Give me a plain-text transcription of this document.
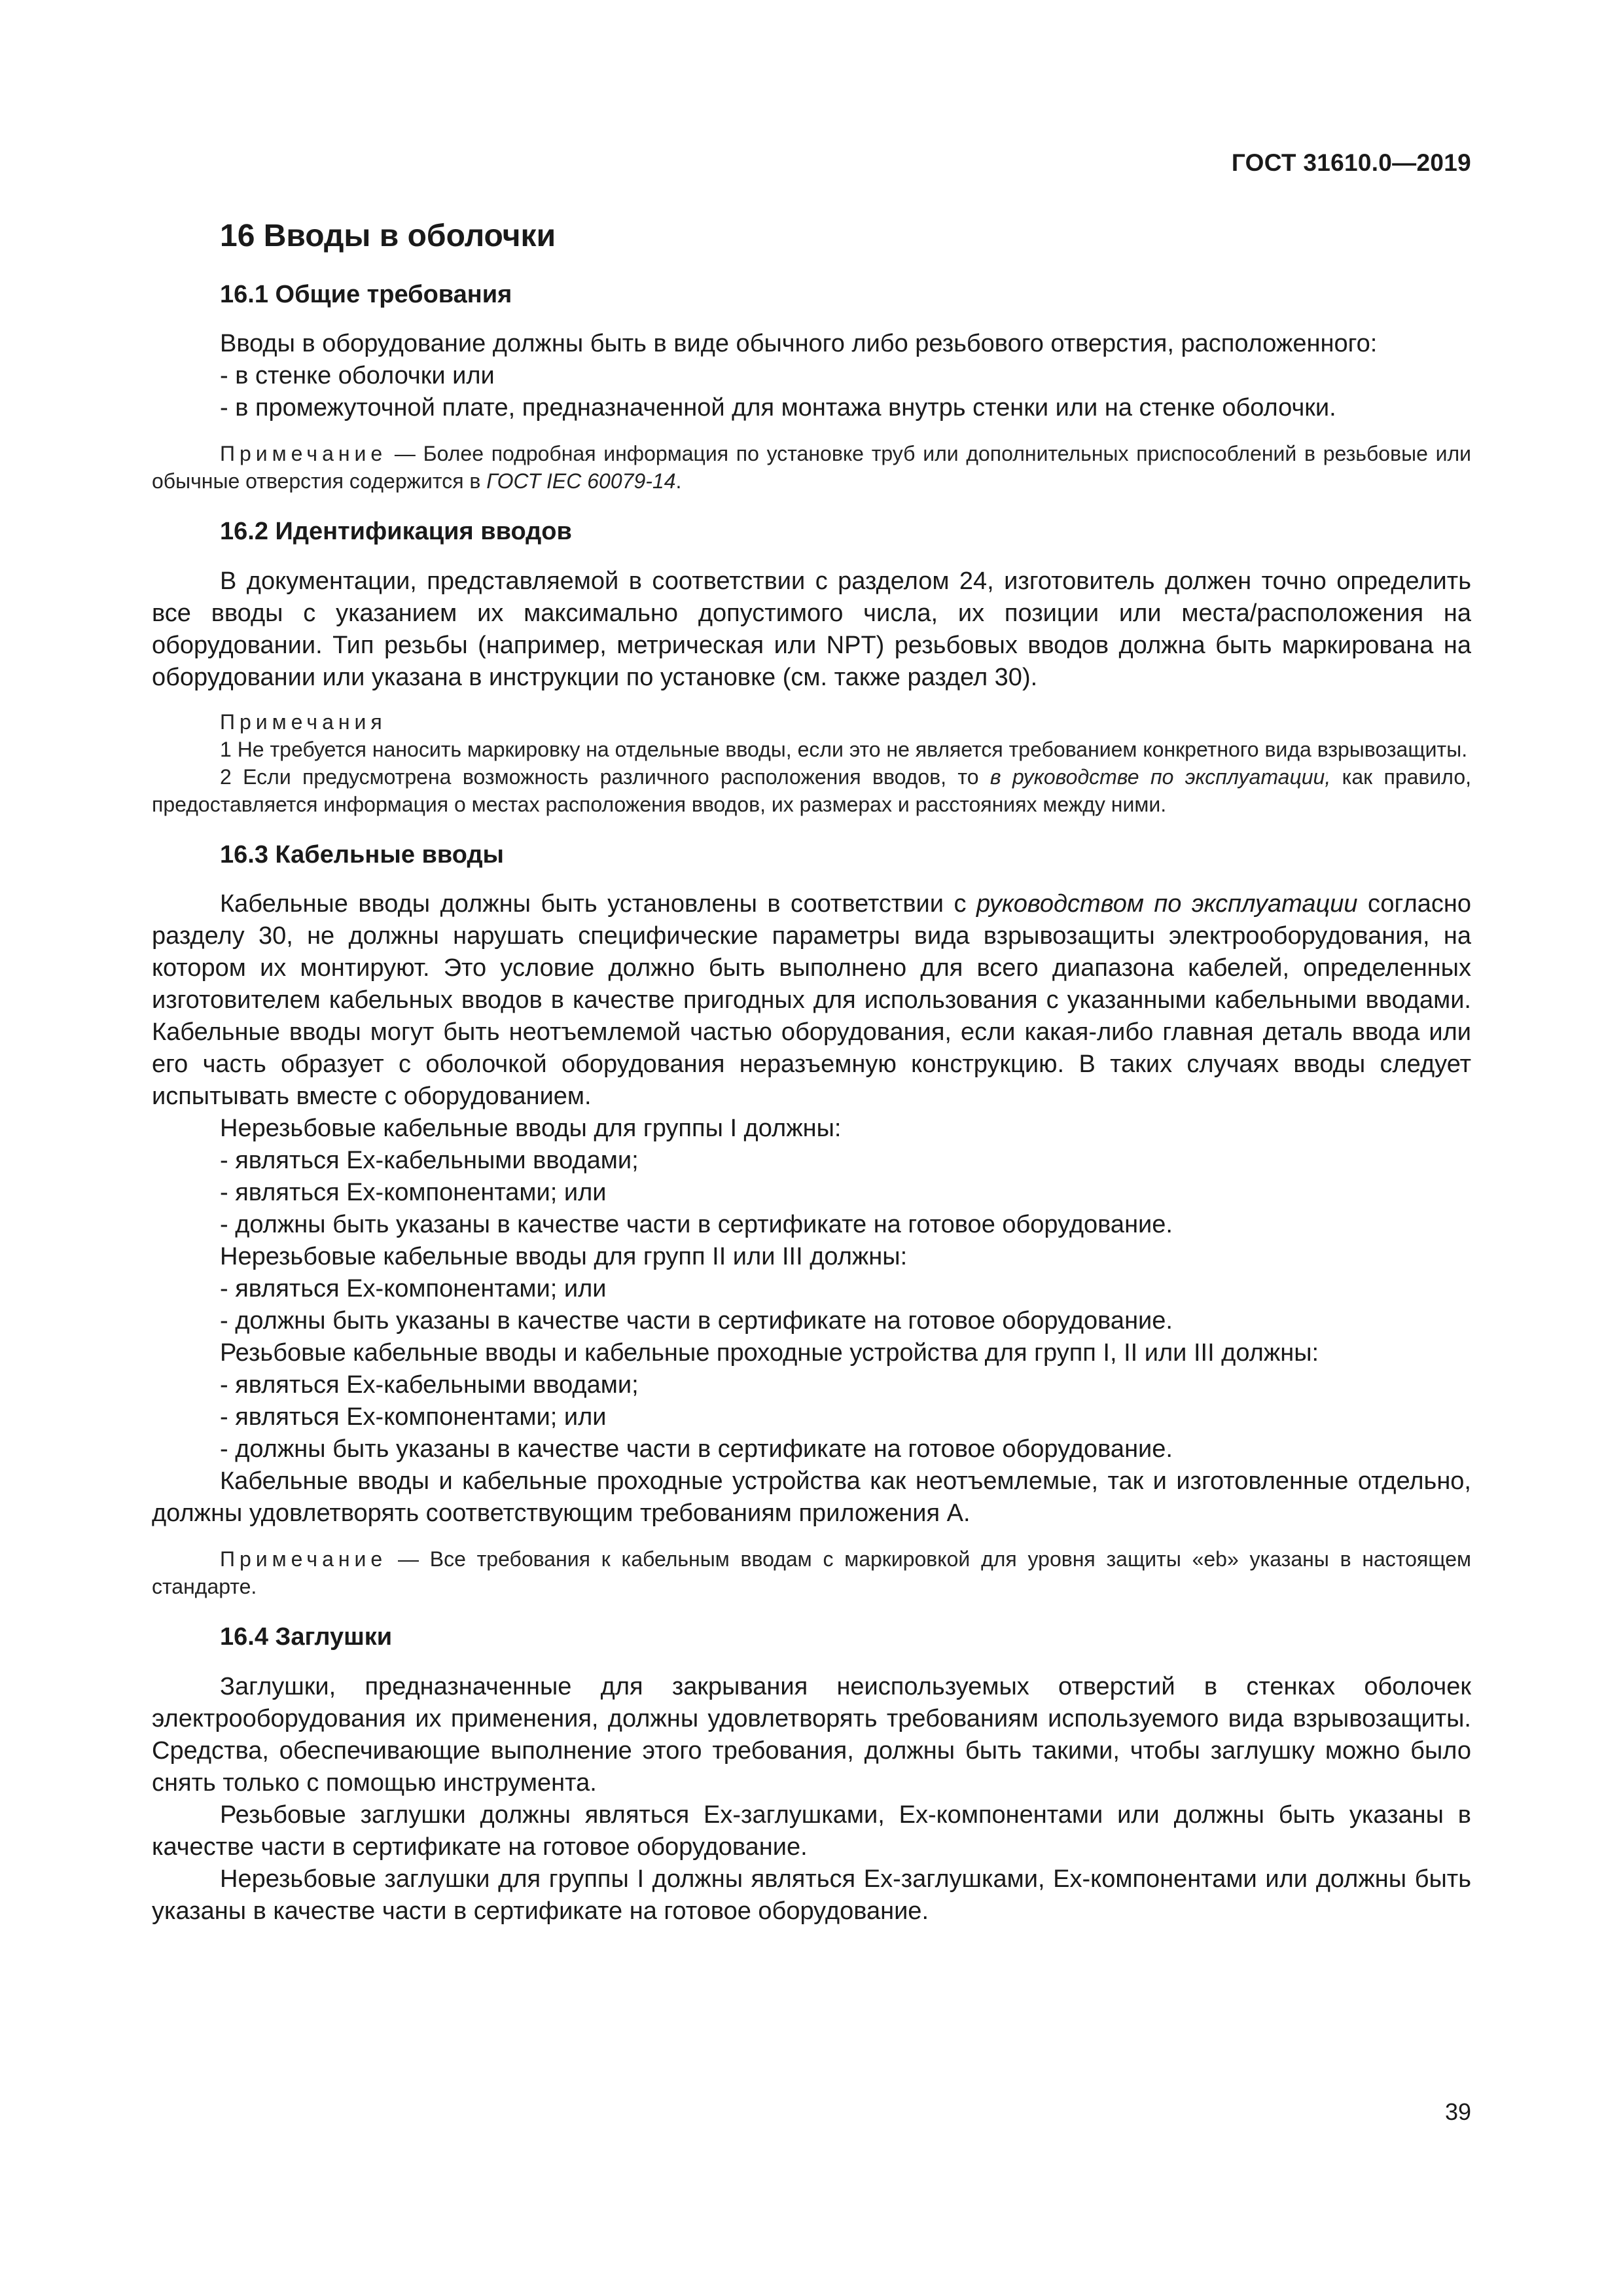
ГОСТ 31610.0—2019
16 Вводы в оболочки
16.1 Общие требования

Вводы в оборудование должны быть в виде обычного либо резьбового отверстия, расположенного:

- в стенке оболочки или

- в промежуточной плате, предназначенной для монтажа внутрь стенки или на стенке оболочки.

Примечание — Более подробная информация по установке труб или дополнительных приспособлений в резьбовые или обычные отверстия содержится в ГОСТ IEC 60079-14.

16.2 Идентификация вводов

В документации, представляемой в соответствии с разделом 24, изготовитель должен точно определить все вводы с указанием их максимально допустимого числа, их позиции или места/расположения на оборудовании. Тип резьбы (например, метрическая или NPT) резьбовых вводов должна быть маркирована на оборудовании или указана в инструкции по установке (см. также раздел 30).

Примечания

1 Не требуется наносить маркировку на отдельные вводы, если это не является требованием конкретного вида взрывозащиты.

2 Если предусмотрена возможность различного расположения вводов, то в руководстве по эксплуатации, как правило, предоставляется информация о местах расположения вводов, их размерах и расстояниях между ними.

16.3 Кабельные вводы

Кабельные вводы должны быть установлены в соответствии с руководством по эксплуатации согласно разделу 30, не должны нарушать специфические параметры вида взрывозащиты электрооборудования, на котором их монтируют. Это условие должно быть выполнено для всего диапазона кабелей, определенных изготовителем кабельных вводов в качестве пригодных для использования с указанными кабельными вводами. Кабельные вводы могут быть неотъемлемой частью оборудования, если какая-либо главная деталь ввода или его часть образует с оболочкой оборудования неразъемную конструкцию. В таких случаях вводы следует испытывать вместе с оборудованием.

Нерезьбовые кабельные вводы для группы I должны:

- являться Ex-кабельными вводами;

- являться Ex-компонентами; или

- должны быть указаны в качестве части в сертификате на готовое оборудование.

Нерезьбовые кабельные вводы для групп II или III должны:

- являться Ex-компонентами; или

- должны быть указаны в качестве части в сертификате на готовое оборудование.

Резьбовые кабельные вводы и кабельные проходные устройства для групп I, II или III должны:

- являться Ex-кабельными вводами;

- являться Ex-компонентами; или

- должны быть указаны в качестве части в сертификате на готовое оборудование.

Кабельные вводы и кабельные проходные устройства как неотъемлемые, так и изготовленные отдельно, должны удовлетворять соответствующим требованиям приложения А.

Примечание — Все требования к кабельным вводам с маркировкой для уровня защиты «eb» указаны в настоящем стандарте.

16.4 Заглушки

Заглушки, предназначенные для закрывания неиспользуемых отверстий в стенках оболочек электрооборудования их применения, должны удовлетворять требованиям используемого вида взрывозащиты. Средства, обеспечивающие выполнение этого требования, должны быть такими, чтобы заглушку можно было снять только с помощью инструмента.

Резьбовые заглушки должны являться Ex-заглушками, Ex-компонентами или должны быть указаны в качестве части в сертификате на готовое оборудование.

Нерезьбовые заглушки для группы I должны являться Ex-заглушками, Ex-компонентами или должны быть указаны в качестве части в сертификате на готовое оборудование.

39
